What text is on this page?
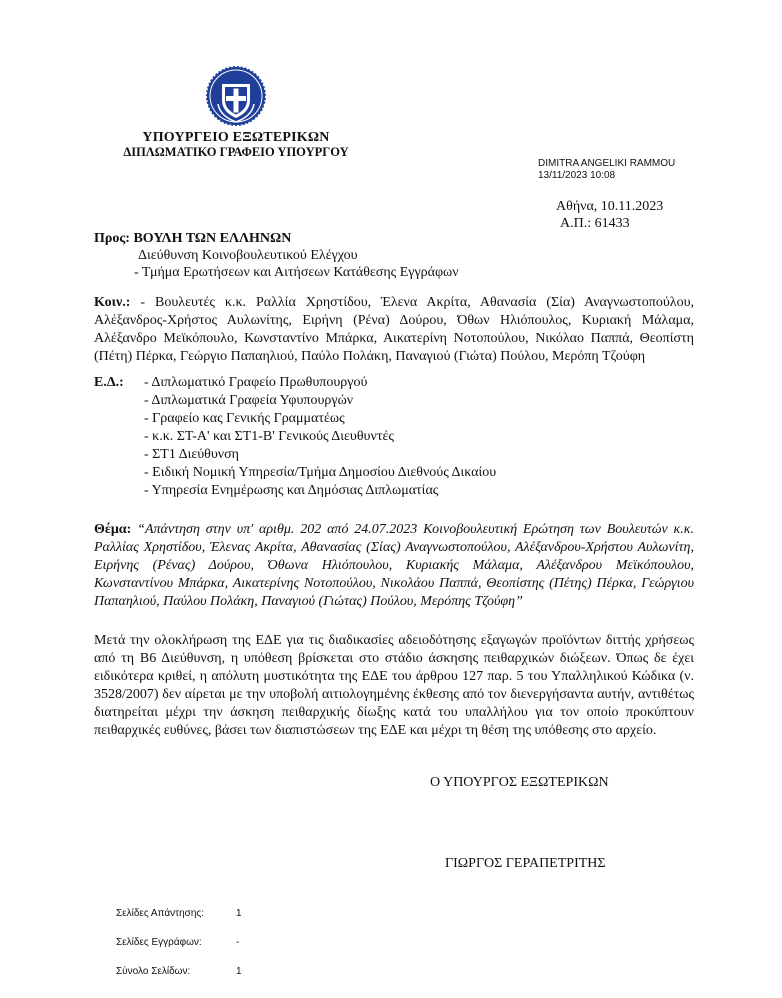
ΥΠΟΥΡΓΕΙΟ ΕΞΩΤΕΡΙΚΩΝ
ΔΙΠΛΩΜΑΤΙΚΟ ΓΡΑΦΕΙΟ ΥΠΟΥΡΓΟΥ
DIMITRA ANGELIKI RAMMOU
13/11/2023 10:08
Αθήνα, 10.11.2023
Α.Π.: 61433
Προς: ΒΟΥΛΗ ΤΩΝ ΕΛΛΗΝΩΝ
Διεύθυνση Κοινοβουλευτικού Ελέγχου
- Τμήμα Ερωτήσεων και Αιτήσεων Κατάθεσης Εγγράφων
Κοιν.: - Βουλευτές κ.κ. Ραλλία Χρηστίδου, Έλενα Ακρίτα, Αθανασία (Σία) Αναγνωστοπούλου, Αλέξανδρος-Χρήστος Αυλωνίτης, Ειρήνη (Ρένα) Δούρου, Όθων Ηλιόπουλος, Κυριακή Μάλαμα, Αλέξανδρο Μεϊκόπουλο, Κωνσταντίνο Μπάρκα, Αικατερίνη Νοτοπούλου, Νικόλαο Παππά, Θεοπίστη (Πέτη) Πέρκα, Γεώργιο Παπαηλιού, Παύλο Πολάκη, Παναγιού (Γιώτα) Πούλου, Μερόπη Τζούφη
Ε.Δ.:	- Διπλωματικό Γραφείο Πρωθυπουργού
- Διπλωματικά Γραφεία Υφυπουργών
- Γραφείο κας Γενικής Γραμματέως
- κ.κ. ΣΤ-Α' και ΣΤ1-Β' Γενικούς Διευθυντές
- ΣΤ1 Διεύθυνση
- Ειδική Νομική Υπηρεσία/Τμήμα Δημοσίου Διεθνούς Δικαίου
- Υπηρεσία Ενημέρωσης και Δημόσιας Διπλωματίας
Θέμα: “Απάντηση στην υπ' αριθμ. 202 από 24.07.2023 Κοινοβουλευτική Ερώτηση των Βουλευτών κ.κ. Ραλλίας Χρηστίδου, Έλενας Ακρίτα, Αθανασίας (Σίας) Αναγνωστοπούλου, Αλέξανδρου-Χρήστου Αυλωνίτη, Ειρήνης (Ρένας) Δούρου, Όθωνα Ηλιόπουλου, Κυριακής Μάλαμα, Αλέξανδρου Μεϊκόπουλου, Κωνσταντίνου Μπάρκα, Αικατερίνης Νοτοπούλου, Νικολάου Παππά, Θεοπίστης (Πέτης) Πέρκα, Γεώργιου Παπαηλιού, Παύλου Πολάκη, Παναγιού (Γιώτας) Πούλου, Μερόπης Τζούφη”
Μετά την ολοκλήρωση της ΕΔΕ για τις διαδικασίες αδειοδότησης εξαγωγών προϊόντων διττής χρήσεως από τη Β6 Διεύθυνση, η υπόθεση βρίσκεται στο στάδιο άσκησης πειθαρχικών διώξεων. Όπως δε έχει ειδικότερα κριθεί, η απόλυτη μυστικότητα της ΕΔΕ του άρθρου 127 παρ. 5 του Υπαλληλικού Κώδικα (ν. 3528/2007) δεν αίρεται με την υποβολή αιτιολογημένης έκθεσης από τον διενεργήσαντα αυτήν, αντιθέτως διατηρείται μέχρι την άσκηση πειθαρχικής δίωξης κατά του υπαλλήλου για τον οποίο προκύπτουν πειθαρχικές ευθύνες, βάσει των διαπιστώσεων της ΕΔΕ και μέχρι τη θέση της υπόθεσης στο αρχείο.
Ο ΥΠΟΥΡΓΟΣ ΕΞΩΤΕΡΙΚΩΝ
ΓΙΩΡΓΟΣ ΓΕΡΑΠΕΤΡΙΤΗΣ
Σελίδες Απάντησης:	1
Σελίδες Εγγράφων:	-
Σύνολο Σελίδων:	1
